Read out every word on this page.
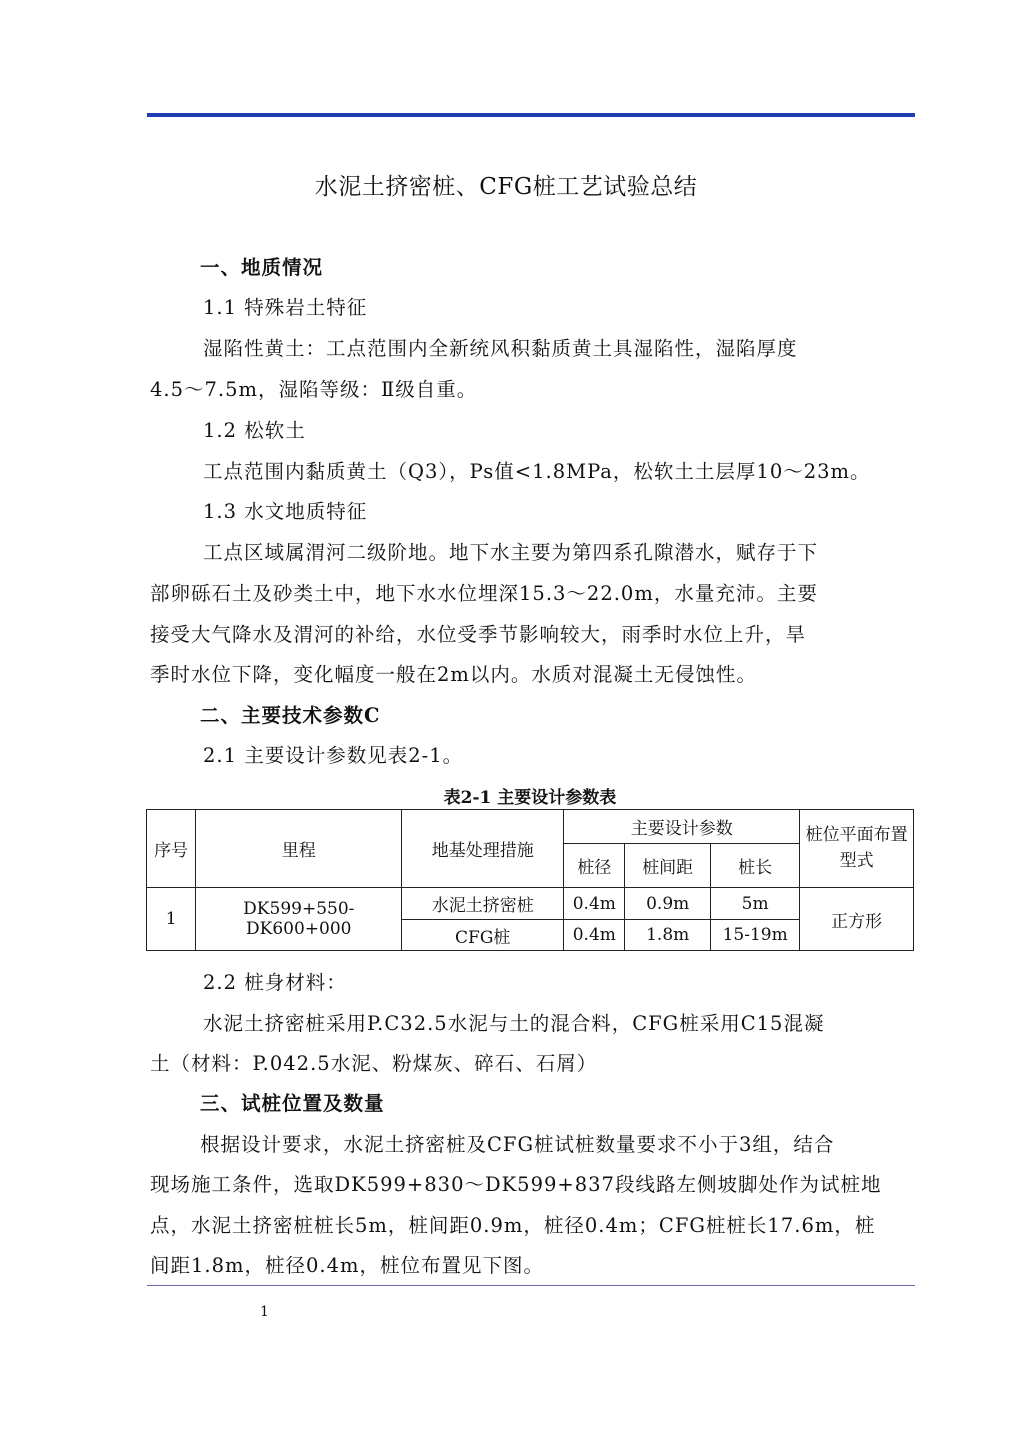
水泥土挤密桩、CFG桩工艺试验总结
一、地质情况
1.1 特殊岩土特征
湿陷性黄土：工点范围内全新统风积黏质黄土具湿陷性，湿陷厚度
4.5～7.5m，湿陷等级：Ⅱ级自重。
1.2 松软土
工点范围内黏质黄土（Q3），Ps值<1.8MPa，松软土土层厚10～23m。
1.3 水文地质特征
工点区域属渭河二级阶地。地下水主要为第四系孔隙潜水，赋存于下
部卵砾石土及砂类土中，地下水水位埋深15.3～22.0m，水量充沛。主要
接受大气降水及渭河的补给，水位受季节影响较大，雨季时水位上升，旱
季时水位下降，变化幅度一般在2m以内。水质对混凝土无侵蚀性。
二、主要技术参数C
2.1 主要设计参数见表2-1。
表2-1 主要设计参数表
序号	里程	地基处理措施	主要设计参数			桩位平面布置型式
			桩径	桩间距	桩长	
1	DK599+550-DK600+000	水泥土挤密桩	0.4m	0.9m	5m	正方形
		CFG桩	0.4m	1.8m	15-19m	
2.2 桩身材料：
水泥土挤密桩采用P.C32.5水泥与土的混合料，CFG桩采用C15混凝
土（材料：P.042.5水泥、粉煤灰、碎石、石屑）
三、试桩位置及数量
根据设计要求，水泥土挤密桩及CFG桩试桩数量要求不小于3组，结合
现场施工条件，选取DK599+830～DK599+837段线路左侧坡脚处作为试桩地
点，水泥土挤密桩桩长5m，桩间距0.9m，桩径0.4m；CFG桩桩长17.6m，桩
间距1.8m，桩径0.4m，桩位布置见下图。
1
